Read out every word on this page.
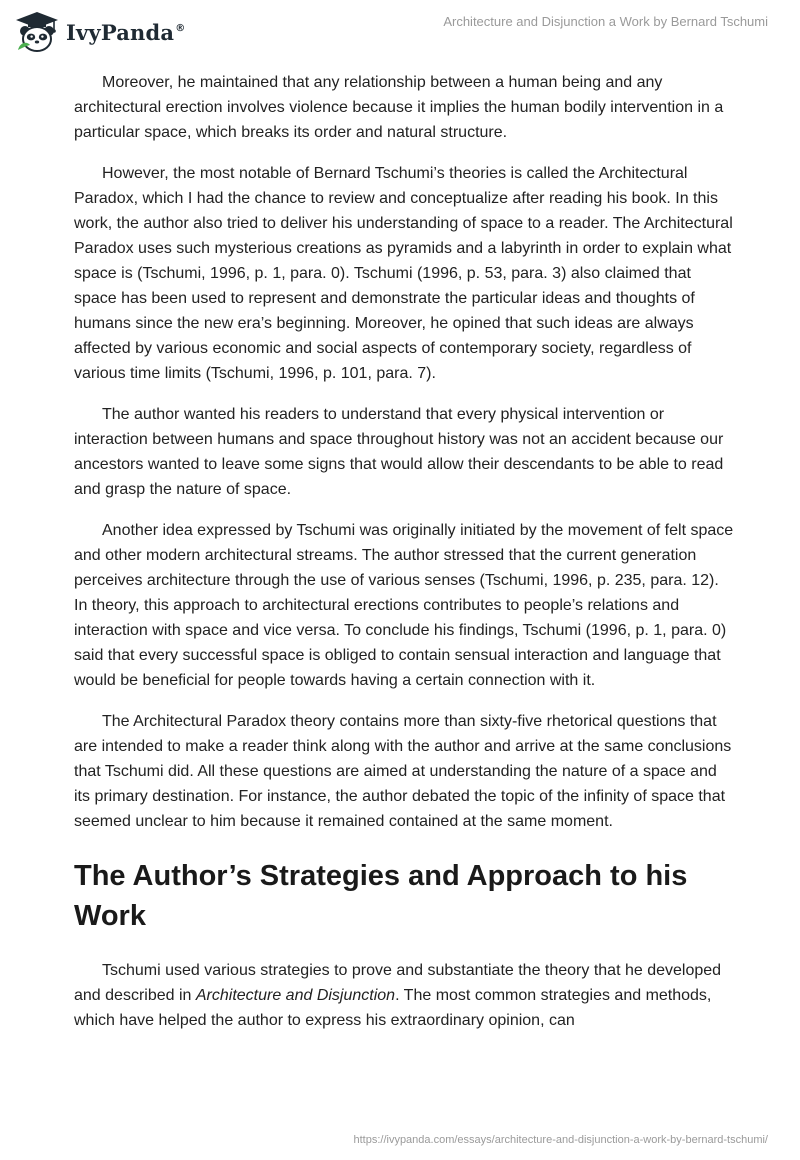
IvyPanda®	Architecture and Disjunction a Work by Bernard Tschumi

Moreover, he maintained that any relationship between a human being and any architectural erection involves violence because it implies the human bodily intervention in a particular space, which breaks its order and natural structure.

However, the most notable of Bernard Tschumi’s theories is called the Architectural Paradox, which I had the chance to review and conceptualize after reading his book. In this work, the author also tried to deliver his understanding of space to a reader. The Architectural Paradox uses such mysterious creations as pyramids and a labyrinth in order to explain what space is (Tschumi, 1996, p. 1, para. 0). Tschumi (1996, p. 53, para. 3) also claimed that space has been used to represent and demonstrate the particular ideas and thoughts of humans since the new era’s beginning. Moreover, he opined that such ideas are always affected by various economic and social aspects of contemporary society, regardless of various time limits (Tschumi, 1996, p. 101, para. 7).

The author wanted his readers to understand that every physical intervention or interaction between humans and space throughout history was not an accident because our ancestors wanted to leave some signs that would allow their descendants to be able to read and grasp the nature of space.

Another idea expressed by Tschumi was originally initiated by the movement of felt space and other modern architectural streams. The author stressed that the current generation perceives architecture through the use of various senses (Tschumi, 1996, p. 235, para. 12). In theory, this approach to architectural erections contributes to people’s relations and interaction with space and vice versa. To conclude his findings, Tschumi (1996, p. 1, para. 0) said that every successful space is obliged to contain sensual interaction and language that would be beneficial for people towards having a certain connection with it.

The Architectural Paradox theory contains more than sixty-five rhetorical questions that are intended to make a reader think along with the author and arrive at the same conclusions that Tschumi did. All these questions are aimed at understanding the nature of a space and its primary destination. For instance, the author debated the topic of the infinity of space that seemed unclear to him because it remained contained at the same moment.

The Author’s Strategies and Approach to his Work

Tschumi used various strategies to prove and substantiate the theory that he developed and described in Architecture and Disjunction. The most common strategies and methods, which have helped the author to express his extraordinary opinion, can

https://ivypanda.com/essays/architecture-and-disjunction-a-work-by-bernard-tschumi/
